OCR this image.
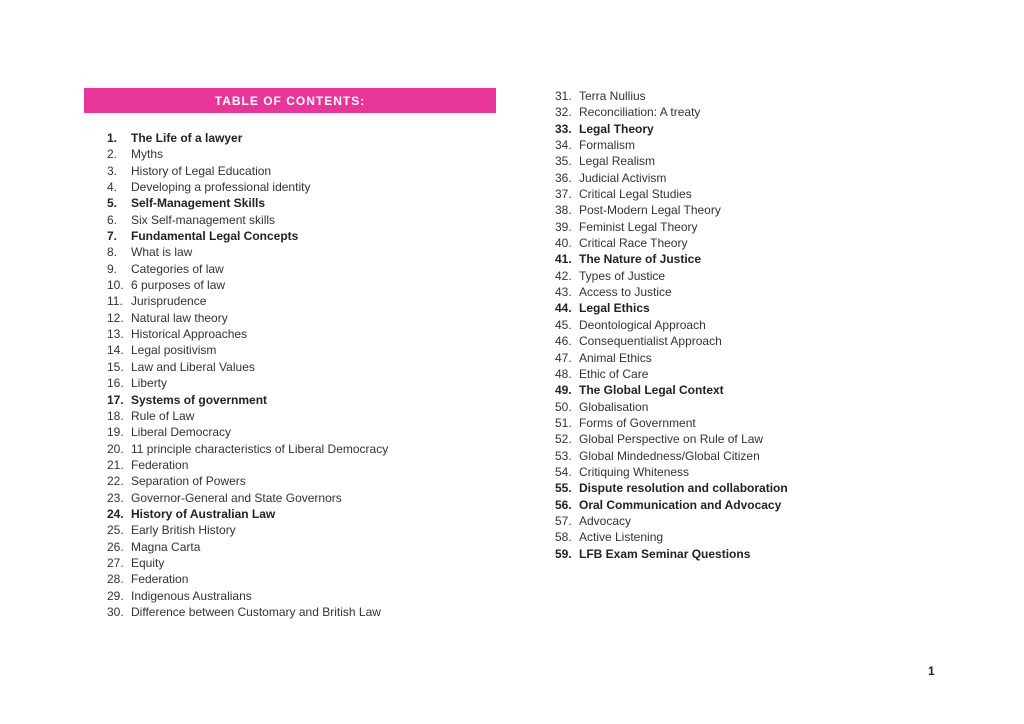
TABLE OF CONTENTS:
1.	The Life of a lawyer
2.	Myths
3.	History of Legal Education
4.	Developing a professional identity
5.	Self-Management Skills
6.	Six Self-management skills
7.	Fundamental Legal Concepts
8.	What is law
9.	Categories of law
10. 6 purposes of law
11. Jurisprudence
12. Natural law theory
13. Historical Approaches
14. Legal positivism
15. Law and Liberal Values
16. Liberty
17. Systems of government
18. Rule of Law
19. Liberal Democracy
20. 11 principle characteristics of Liberal Democracy
21. Federation
22. Separation of Powers
23. Governor-General and State Governors
24. History of Australian Law
25. Early British History
26. Magna Carta
27. Equity
28. Federation
29. Indigenous Australians
30. Difference between Customary and British Law
31. Terra Nullius
32. Reconciliation: A treaty
33. Legal Theory
34. Formalism
35. Legal Realism
36. Judicial Activism
37. Critical Legal Studies
38. Post-Modern Legal Theory
39. Feminist Legal Theory
40. Critical Race Theory
41. The Nature of Justice
42. Types of Justice
43. Access to Justice
44. Legal Ethics
45. Deontological Approach
46. Consequentialist Approach
47. Animal Ethics
48. Ethic of Care
49. The Global Legal Context
50. Globalisation
51. Forms of Government
52. Global Perspective on Rule of Law
53. Global Mindedness/Global Citizen
54. Critiquing Whiteness
55. Dispute resolution and collaboration
56. Oral Communication and Advocacy
57. Advocacy
58. Active Listening
59. LFB Exam Seminar Questions
1
